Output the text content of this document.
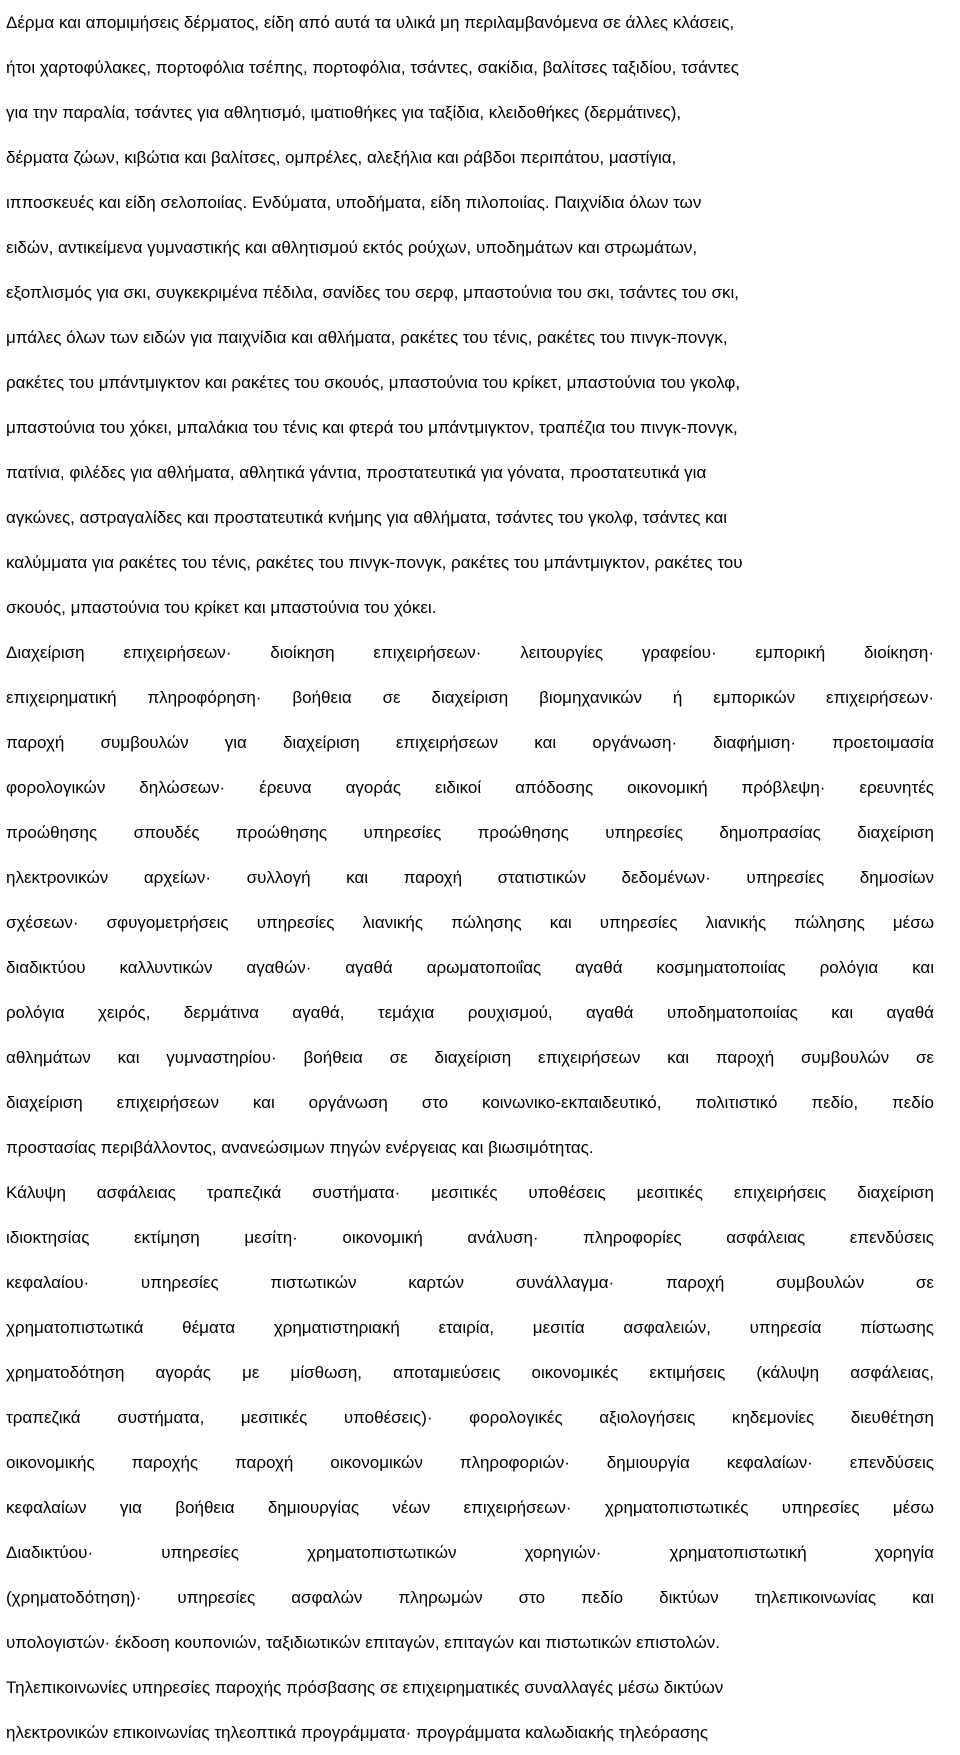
Δέρμα και απομιμήσεις δέρματος, είδη από αυτά τα υλικά μη περιλαμβανόμενα σε άλλες κλάσεις,
ήτοι χαρτοφύλακες, πορτοφόλια τσέπης, πορτοφόλια, τσάντες, σακίδια, βαλίτσες ταξιδίου, τσάντες
για την παραλία, τσάντες για αθλητισμό, ιματιοθήκες για ταξίδια, κλειδοθήκες (δερμάτινες),
δέρματα ζώων, κιβώτια και βαλίτσες, ομπρέλες, αλεξήλια και ράβδοι περιπάτου, μαστίγια,
ιπποσκευές και είδη σελοποιίας. Ενδύματα, υποδήματα, είδη πιλοποιίας. Παιχνίδια όλων των
ειδών, αντικείμενα γυμναστικής και αθλητισμού εκτός ρούχων, υποδημάτων και στρωμάτων,
εξοπλισμός για σκι, συγκεκριμένα πέδιλα, σανίδες του σερφ, μπαστούνια του σκι, τσάντες του σκι,
μπάλες όλων των ειδών για παιχνίδια και αθλήματα, ρακέτες του τένις, ρακέτες του πινγκ-πονγκ,
ρακέτες του μπάντμιγκτον και ρακέτες του σκουός, μπαστούνια του κρίκετ, μπαστούνια του γκολφ,
μπαστούνια του χόκει, μπαλάκια του τένις και φτερά του μπάντμιγκτον, τραπέζια του πινγκ-πονγκ,
πατίνια, φιλέδες για αθλήματα, αθλητικά γάντια, προστατευτικά για γόνατα, προστατευτικά για
αγκώνες, αστραγαλίδες και προστατευτικά κνήμης για αθλήματα, τσάντες του γκολφ, τσάντες και
καλύμματα για ρακέτες του τένις, ρακέτες του πινγκ-πονγκ, ρακέτες του μπάντμιγκτον, ρακέτες του
σκουός, μπαστούνια του κρίκετ και μπαστούνια του χόκει.

Διαχείριση επιχειρήσεων· διοίκηση επιχειρήσεων· λειτουργίες γραφείου· εμπορική διοίκηση·
επιχειρηματική πληροφόρηση· βοήθεια σε διαχείριση βιομηχανικών ή εμπορικών επιχειρήσεων·
παροχή συμβουλών για διαχείριση επιχειρήσεων και οργάνωση· διαφήμιση· προετοιμασία
φορολογικών δηλώσεων· έρευνα αγοράς ειδικοί απόδοσης οικονομική πρόβλεψη· ερευνητές
προώθησης σπουδές προώθησης υπηρεσίες προώθησης υπηρεσίες δημοπρασίας διαχείριση
ηλεκτρονικών αρχείων· συλλογή και παροχή στατιστικών δεδομένων· υπηρεσίες δημοσίων
σχέσεων· σφυγομετρήσεις υπηρεσίες λιανικής πώλησης και υπηρεσίες λιανικής πώλησης μέσω
διαδικτύου καλλυντικών αγαθών· αγαθά αρωματοποιΐας αγαθά κοσμηματοποιίας ρολόγια και
ρολόγια χειρός, δερμάτινα αγαθά, τεμάχια ρουχισμού, αγαθά υποδηματοποιίας και αγαθά
αθλημάτων και γυμναστηρίου· βοήθεια σε διαχείριση επιχειρήσεων και παροχή συμβουλών σε
διαχείριση επιχειρήσεων και οργάνωση στο κοινωνικο-εκπαιδευτικό, πολιτιστικό πεδίο, πεδίο
προστασίας περιβάλλοντος, ανανεώσιμων πηγών ενέργειας και βιωσιμότητας.

Κάλυψη ασφάλειας τραπεζικά συστήματα· μεσιτικές υποθέσεις μεσιτικές επιχειρήσεις διαχείριση
ιδιοκτησίας εκτίμηση μεσίτη· οικονομική ανάλυση· πληροφορίες ασφάλειας επενδύσεις
κεφαλαίου· υπηρεσίες πιστωτικών καρτών συνάλλαγμα· παροχή συμβουλών σε
χρηματοπιστωτικά θέματα χρηματιστηριακή εταιρία, μεσιτία ασφαλειών, υπηρεσία πίστωσης
χρηματοδότηση αγοράς με μίσθωση, αποταμιεύσεις οικονομικές εκτιμήσεις (κάλυψη ασφάλειας,
τραπεζικά συστήματα, μεσιτικές υποθέσεις)· φορολογικές αξιολογήσεις κηδεμονίες διευθέτηση
οικονομικής παροχής παροχή οικονομικών πληροφοριών· δημιουργία κεφαλαίων· επενδύσεις
κεφαλαίων για βοήθεια δημιουργίας νέων επιχειρήσεων· χρηματοπιστωτικές υπηρεσίες μέσω
Διαδικτύου· υπηρεσίες χρηματοπιστωτικών χορηγιών· χρηματοπιστωτική χορηγία
(χρηματοδότηση)· υπηρεσίες ασφαλών πληρωμών στο πεδίο δικτύων τηλεπικοινωνίας και
υπολογιστών· έκδοση κουπονιών, ταξιδιωτικών επιταγών, επιταγών και πιστωτικών επιστολών.

Τηλεπικοινωνίες υπηρεσίες παροχής πρόσβασης σε επιχειρηματικές συναλλαγές μέσω δικτύων
ηλεκτρονικών επικοινωνίας τηλεοπτικά προγράμματα· προγράμματα καλωδιακής τηλεόρασης
